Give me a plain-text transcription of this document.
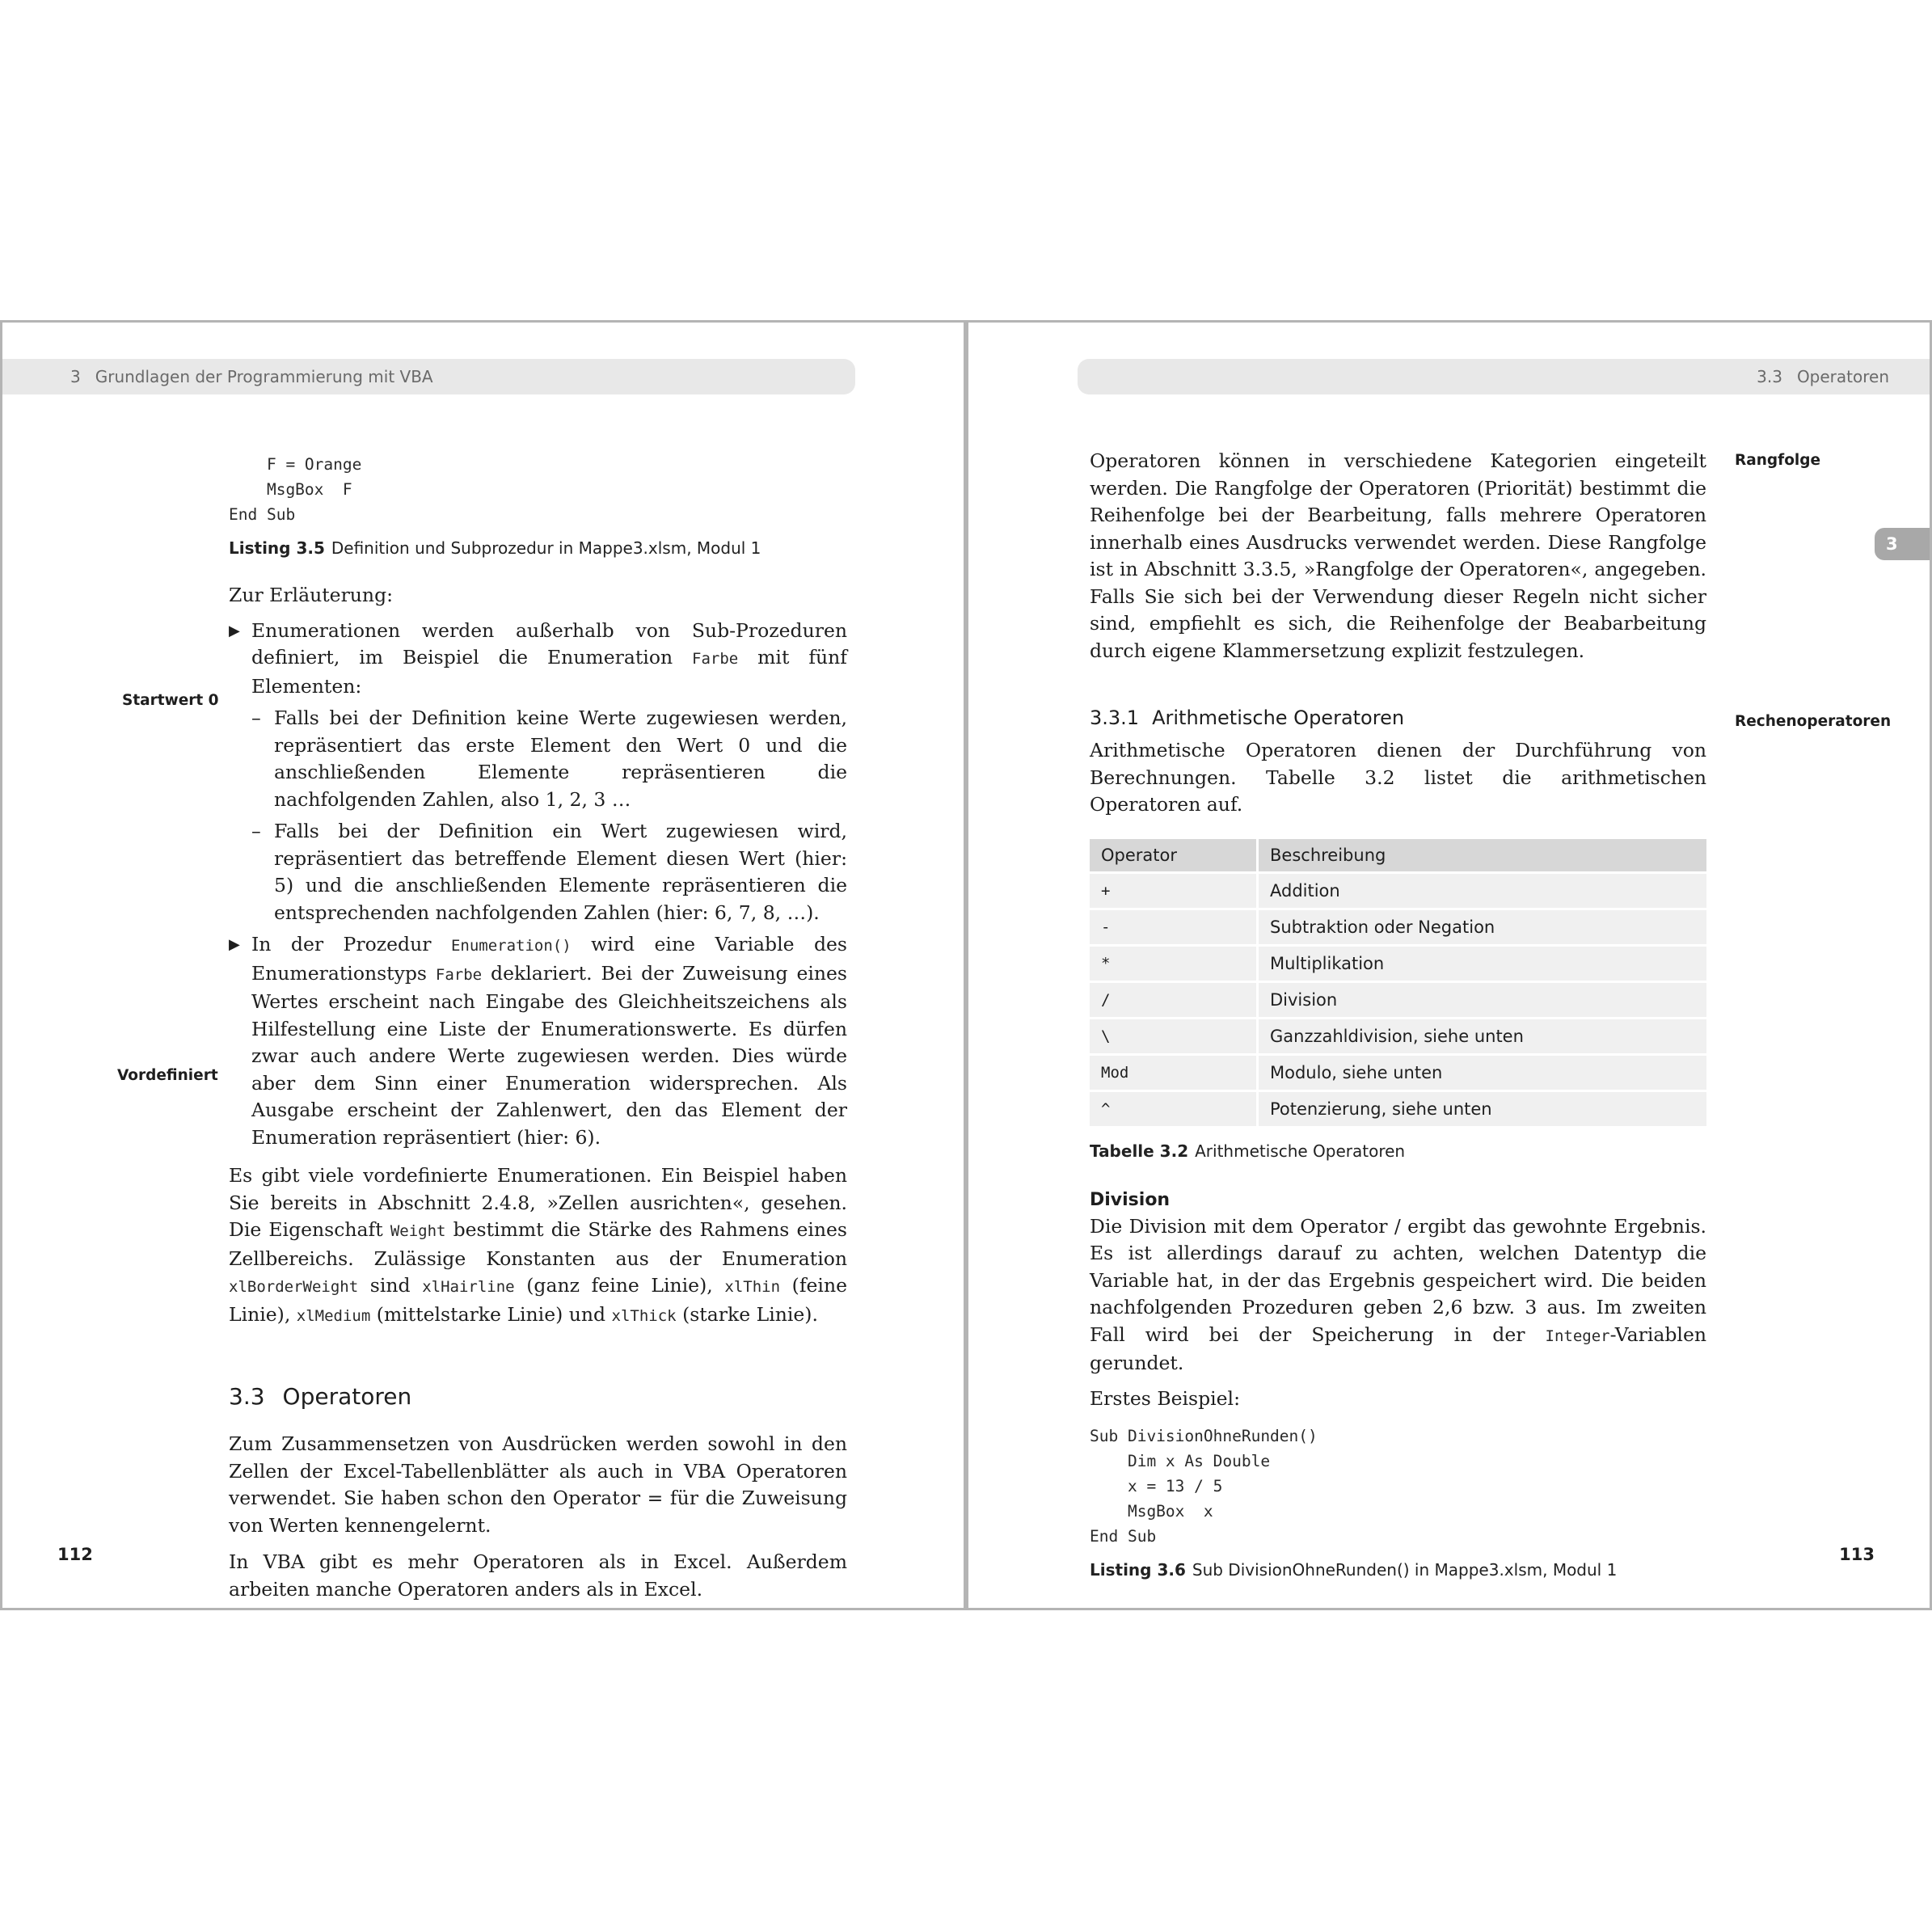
3 Grundlagen der Programmierung mit VBA
Startwert 0
Vordefiniert
F = Orange
MsgBox  F
End Sub
Listing 3.5 Definition und Subprozedur in Mappe3.xlsm, Modul 1

Zur Erläuterung:

▶ Enumerationen werden außerhalb von Sub-Prozeduren definiert, im Beispiel die Enumeration Farbe mit fünf Elementen:

– Falls bei der Definition keine Werte zugewiesen werden, repräsentiert das erste Element den Wert 0 und die anschließenden Elemente repräsentieren die nachfolgenden Zahlen, also 1, 2, 3 …

– Falls bei der Definition ein Wert zugewiesen wird, repräsentiert das betreffende Element diesen Wert (hier: 5) und die anschließenden Elemente repräsentieren die entsprechenden nachfolgenden Zahlen (hier: 6, 7, 8, …).

▶ In der Prozedur Enumeration() wird eine Variable des Enumerationstyps Farbe deklariert. Bei der Zuweisung eines Wertes erscheint nach Eingabe des Gleichheitszeichens als Hilfestellung eine Liste der Enumerationswerte. Es dürfen zwar auch andere Werte zugewiesen werden. Dies würde aber dem Sinn einer Enumeration widersprechen. Als Ausgabe erscheint der Zahlenwert, den das Element der Enumeration repräsentiert (hier: 6).

Es gibt viele vordefinierte Enumerationen. Ein Beispiel haben Sie bereits in Abschnitt 2.4.8, »Zellen ausrichten«, gesehen. Die Eigenschaft Weight bestimmt die Stärke des Rahmens eines Zellbereichs. Zulässige Konstanten aus der Enumeration xlBorderWeight sind xlHairline (ganz feine Linie), xlThin (feine Linie), xlMedium (mittelstarke Linie) und xlThick (starke Linie).

3.3 Operatoren

Zum Zusammensetzen von Ausdrücken werden sowohl in den Zellen der Excel-Tabellenblätter als auch in VBA Operatoren verwendet. Sie haben schon den Operator = für die Zuweisung von Werten kennengelernt.

In VBA gibt es mehr Operatoren als in Excel. Außerdem arbeiten manche Operatoren anders als in Excel.

112
3.3 Operatoren
3
Rangfolge
Rechenoperatoren

Operatoren können in verschiedene Kategorien eingeteilt werden. Die Rangfolge der Operatoren (Priorität) bestimmt die Reihenfolge bei der Bearbeitung, falls mehrere Operatoren innerhalb eines Ausdrucks verwendet werden. Diese Rangfolge ist in Abschnitt 3.3.5, »Rangfolge der Operatoren«, angegeben. Falls Sie sich bei der Verwendung dieser Regeln nicht sicher sind, empfiehlt es sich, die Reihenfolge der Beabarbeitung durch eigene Klammersetzung explizit festzulegen.

3.3.1 Arithmetische Operatoren

Arithmetische Operatoren dienen der Durchführung von Berechnungen. Tabelle 3.2 listet die arithmetischen Operatoren auf.

Operator	Beschreibung
+	Addition
-	Subtraktion oder Negation
*	Multiplikation
/	Division
\	Ganzzahldivision, siehe unten
Mod	Modulo, siehe unten
^	Potenzierung, siehe unten
Tabelle 3.2 Arithmetische Operatoren
Division

Die Division mit dem Operator / ergibt das gewohnte Ergebnis. Es ist allerdings darauf zu achten, welchen Datentyp die Variable hat, in der das Ergebnis gespeichert wird. Die beiden nachfolgenden Prozeduren geben 2,6 bzw. 3 aus. Im zweiten Fall wird bei der Speicherung in der Integer-Variablen gerundet.

Erstes Beispiel:

Sub DivisionOhneRunden()
Dim x As Double
x = 13 / 5
MsgBox  x
End Sub
Listing 3.6 Sub DivisionOhneRunden() in Mappe3.xlsm, Modul 1
113
